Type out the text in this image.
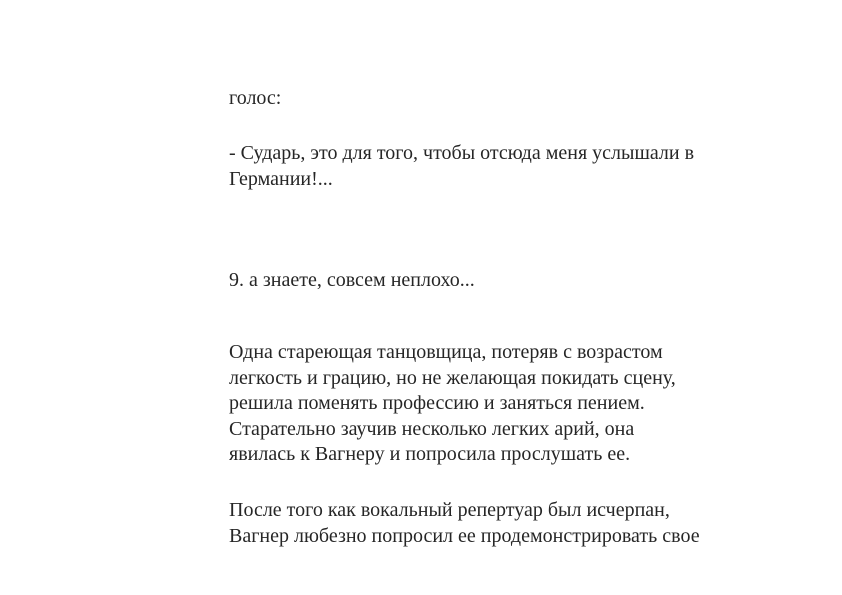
голос:

- Сударь, это для того, чтобы отсюда меня услышали в
Германии!...

9. а знаете, совсем неплохо...

Одна стареющая танцовщица, потеряв с возрастом
легкость и грацию, но не желающая покидать сцену,
решила поменять профессию и заняться пением.
Старательно заучив несколько легких арий, она
явилась к Вагнеру и попросила прослушать ее.

После того как вокальный репертуар был исчерпан,
Вагнер любезно попросил ее продемонстрировать свое
